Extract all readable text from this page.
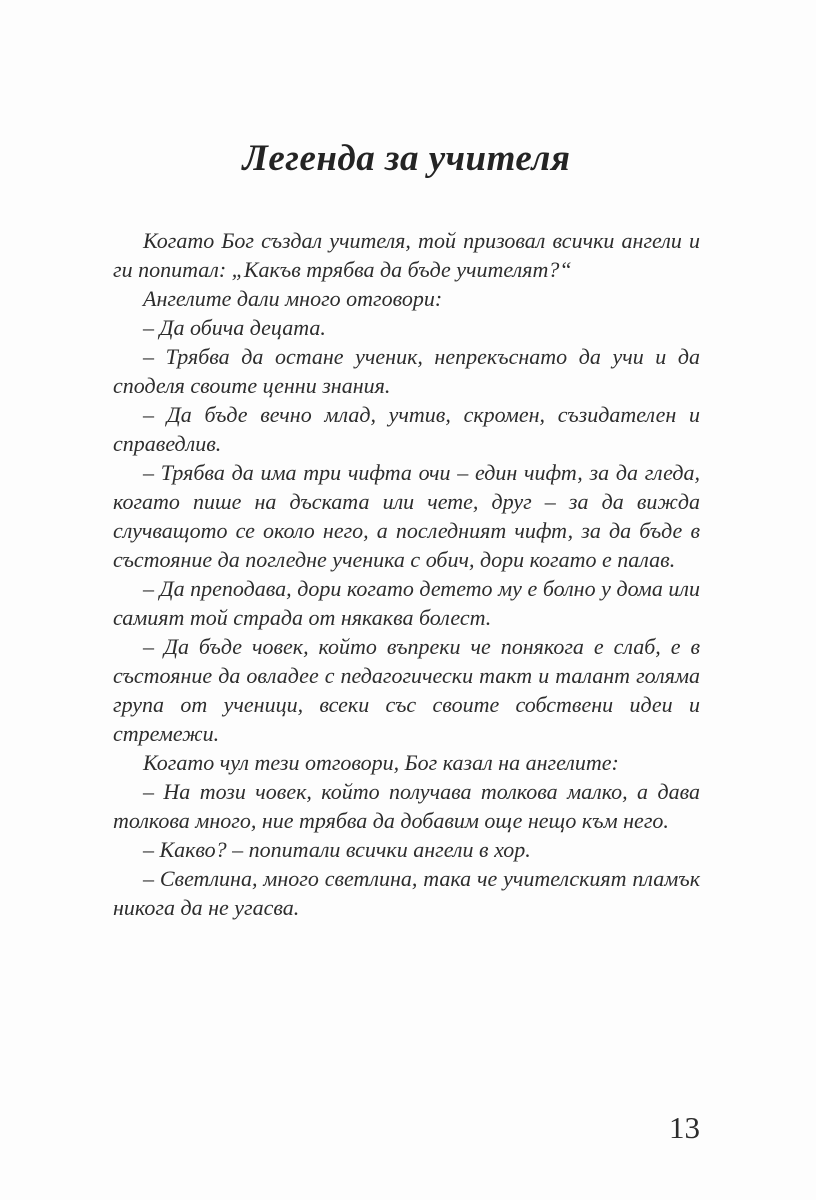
Легенда за учителя

Когато Бог създал учителя, той призовал всички ангели и ги попитал: „Какъв трябва да бъде учителят?“

Ангелите дали много отговори:

– Да обича децата.

– Трябва да остане ученик, непрекъснато да учи и да споделя своите ценни знания.

– Да бъде вечно млад, учтив, скромен, съзидателен и справедлив.

– Трябва да има три чифта очи – един чифт, за да гледа, когато пише на дъската или чете, друг – за да вижда случващото се около него, а последният чифт, за да бъде в състояние да погледне ученика с обич, дори когато е палав.

– Да преподава, дори когато детето му е болно у дома или самият той страда от някаква болест.

– Да бъде човек, който въпреки че понякога е слаб, е в състояние да овладее с педагогически такт и талант голяма група от ученици, всеки със своите собствени идеи и стремежи.

Когато чул тези отговори, Бог казал на ангелите:

– На този човек, който получава толкова малко, а дава толкова много, ние трябва да добавим още нещо към него.

– Какво? – попитали всички ангели в хор.

– Светлина, много светлина, така че учителският пламък никога да не угасва.

13
